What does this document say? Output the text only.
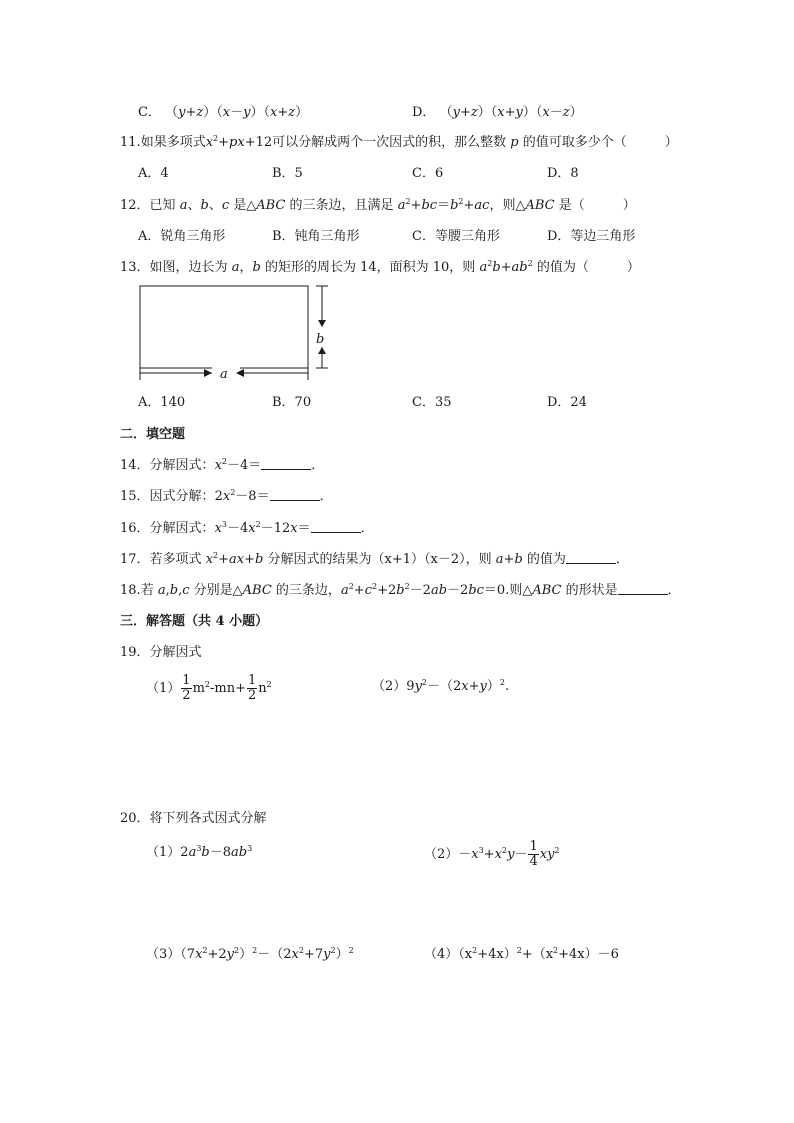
C． （y+z）（x－y）（x+z）	D． （y+z）（x+y）（x－z）
11.如果多项式$x^2+px+12$可以分解成两个一次因式的积，那么整数 p 的值可取多少个（	）
A．4	B．5	C．6	D．8
12．已知 a、b、c 是△ABC 的三条边，且满足 $a^2+bc=b^2+ac$，则△ABC 是（	）
A．锐角三角形	B．钝角三角形	C．等腰三角形	D．等边三角形
13．如图，边长为 a，b 的矩形的周长为 14，面积为 10，则 $a^2b+ab^2$ 的值为（	）
b
a
A．140	B．70	C．35	D．24
二．填空题
14．分解因式：$x^2-4=$	．
15．因式分解：$2x^2-8=$	．
16．分解因式：$x^3-4x^2-12x=$	．
17．若多项式 $x^2+ax+b$ 分解因式的结果为（x+1）（x－2），则 a+b 的值为	．
18.若 a,b,c 分别是△ABC 的三条边，$a^2+c^2+2b^2-2ab-2bc=0$.则△ABC 的形状是	．
三．解答题（共 4 小题）
19．分解因式
$(1) \frac{1}{2} m^2-mn+ \frac{1}{2} n^2$	$(2)9y^2-(2x+y)^2$.
20．将下列各式因式分解
$(1)2a^3b-8ab^3$	$(2)-x^3+x^2y- \frac{1}{4} xy^2$
$(3)(7x^2+2y^2)^2-(2x^2+7y^2)^2$	$(4)(x^2+4x)^2+(x^2+4x)-6$
